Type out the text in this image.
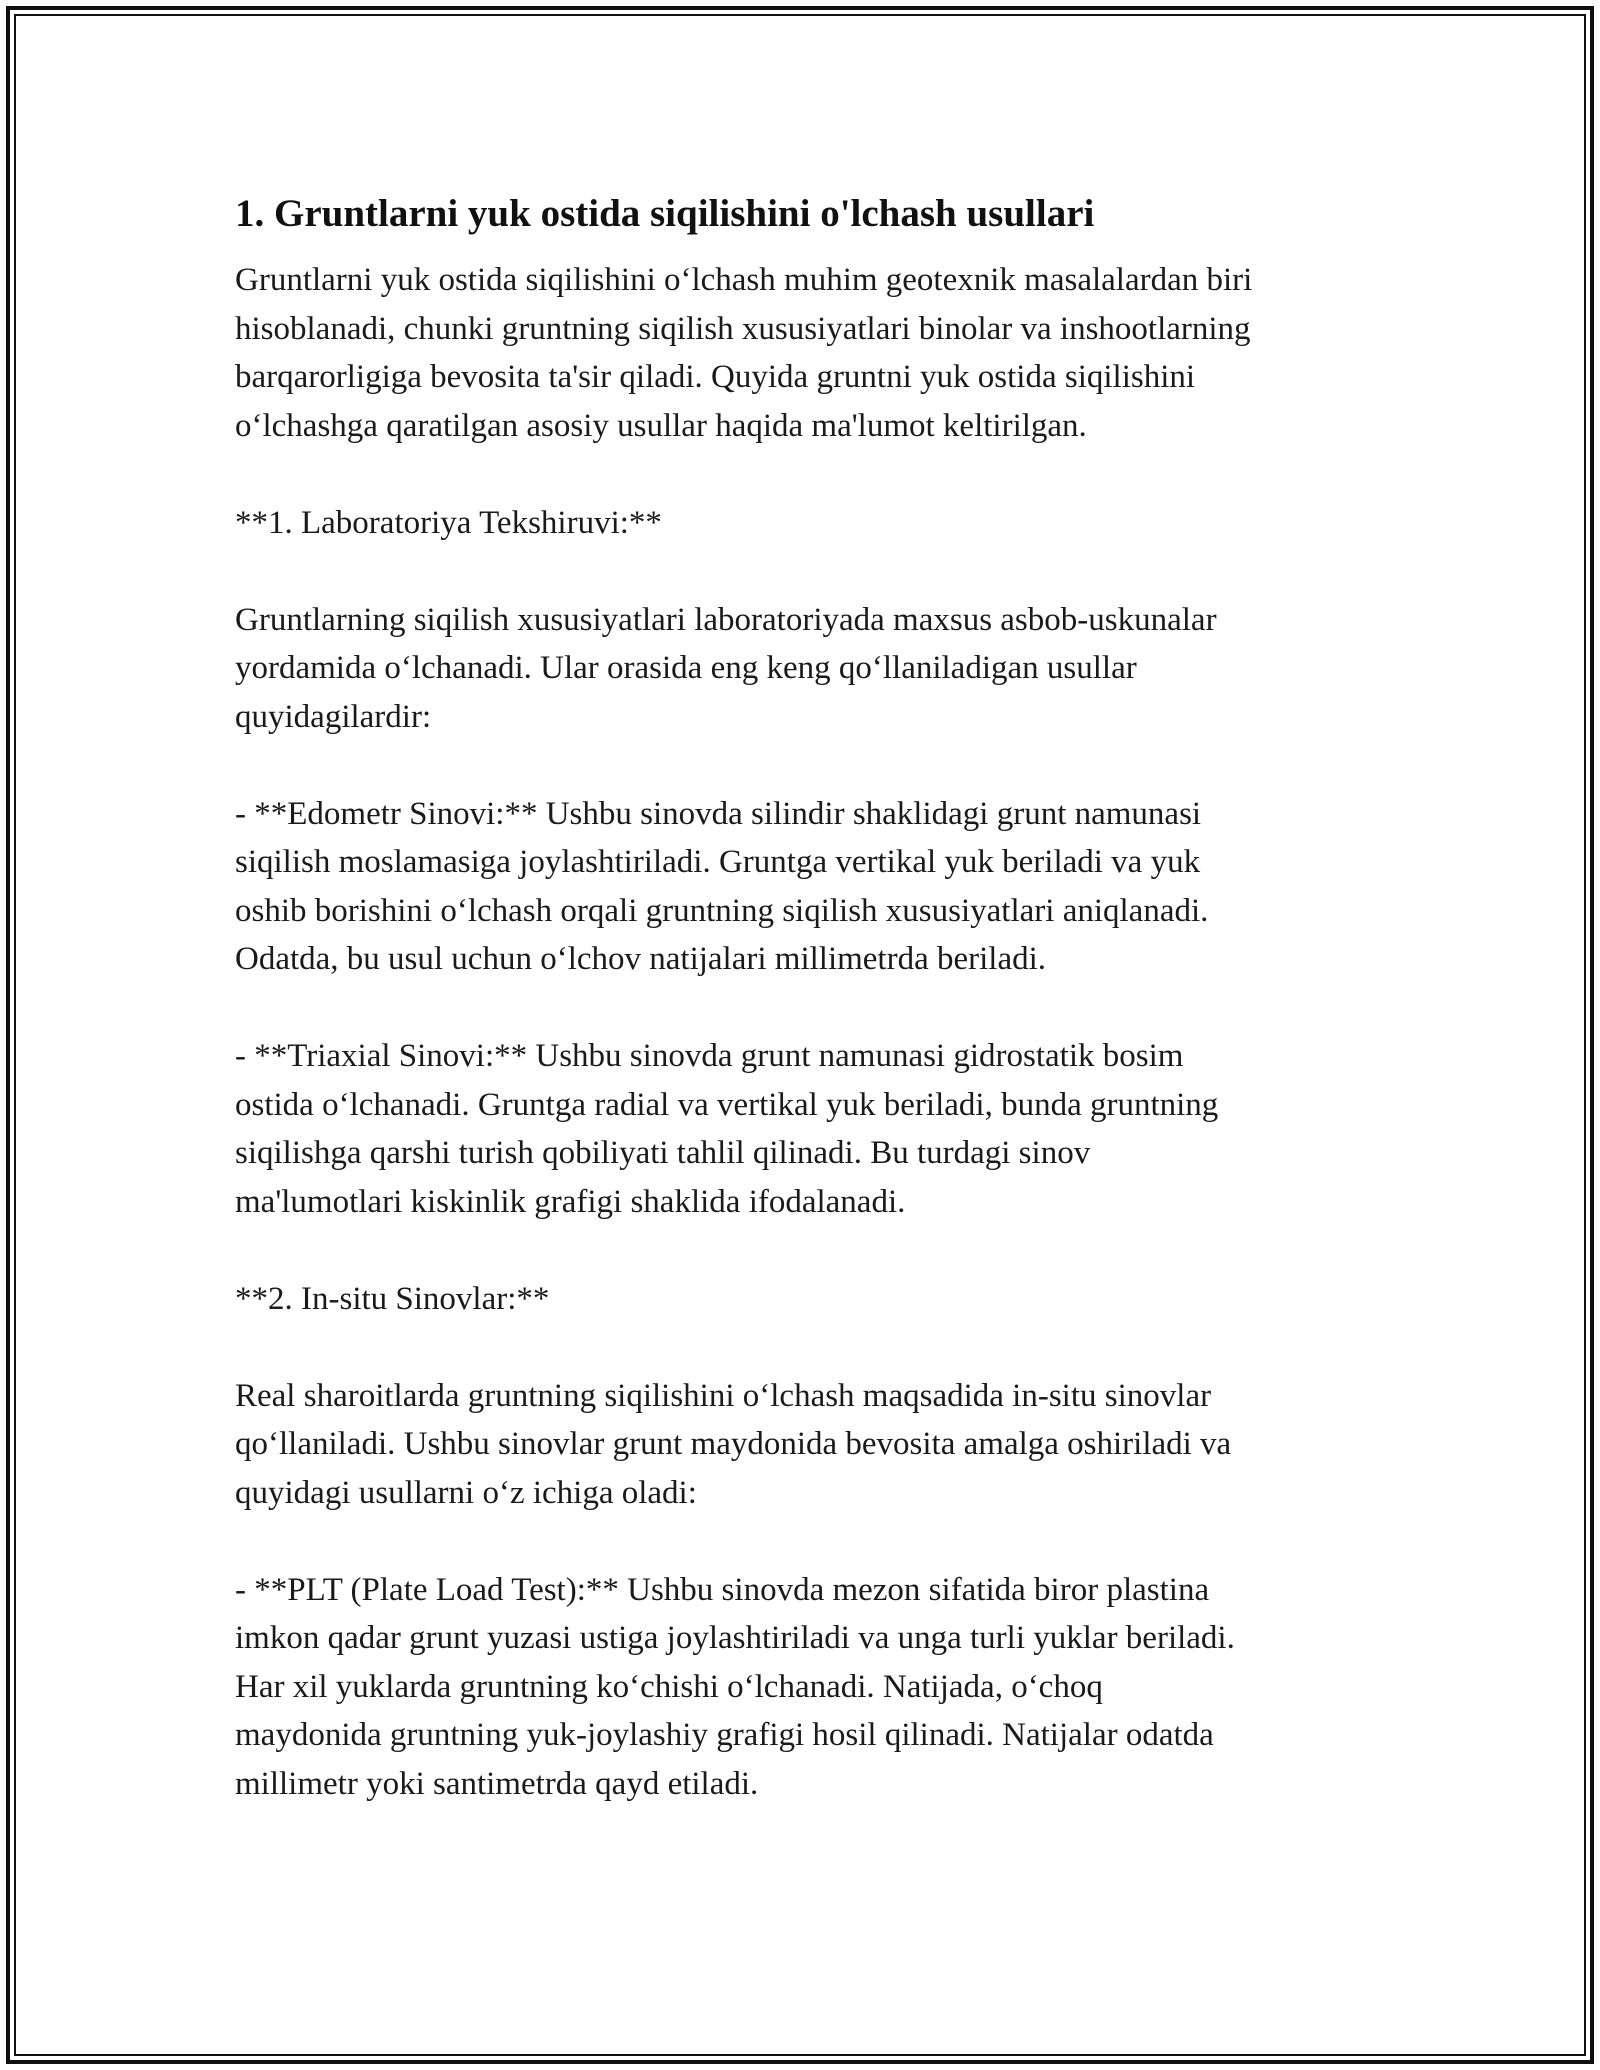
1. Gruntlarni yuk ostida siqilishini o'lchash usullari

Gruntlarni yuk ostida siqilishini o‘lchash muhim geotexnik masalalardan biri
hisoblanadi, chunki gruntning siqilish xususiyatlari binolar va inshootlarning
barqarorligiga bevosita ta'sir qiladi. Quyida gruntni yuk ostida siqilishini
o‘lchashga qaratilgan asosiy usullar haqida ma'lumot keltirilgan.

**1. Laboratoriya Tekshiruvi:**

Gruntlarning siqilish xususiyatlari laboratoriyada maxsus asbob-uskunalar
yordamida o‘lchanadi. Ular orasida eng keng qo‘llaniladigan usullar
quyidagilardir:

- **Edometr Sinovi:** Ushbu sinovda silindir shaklidagi grunt namunasi
siqilish moslamasiga joylashtiriladi. Gruntga vertikal yuk beriladi va yuk
oshib borishini o‘lchash orqali gruntning siqilish xususiyatlari aniqlanadi.
Odatda, bu usul uchun o‘lchov natijalari millimetrda beriladi.

- **Triaxial Sinovi:** Ushbu sinovda grunt namunasi gidrostatik bosim
ostida o‘lchanadi. Gruntga radial va vertikal yuk beriladi, bunda gruntning
siqilishga qarshi turish qobiliyati tahlil qilinadi. Bu turdagi sinov
ma'lumotlari kiskinlik grafigi shaklida ifodalanadi.

**2. In-situ Sinovlar:**

Real sharoitlarda gruntning siqilishini o‘lchash maqsadida in-situ sinovlar
qo‘llaniladi. Ushbu sinovlar grunt maydonida bevosita amalga oshiriladi va
quyidagi usullarni o‘z ichiga oladi:

- **PLT (Plate Load Test):** Ushbu sinovda mezon sifatida biror plastina
imkon qadar grunt yuzasi ustiga joylashtiriladi va unga turli yuklar beriladi.
Har xil yuklarda gruntning ko‘chishi o‘lchanadi. Natijada, o‘choq
maydonida gruntning yuk-joylashiy grafigi hosil qilinadi. Natijalar odatda
millimetr yoki santimetrda qayd etiladi.
